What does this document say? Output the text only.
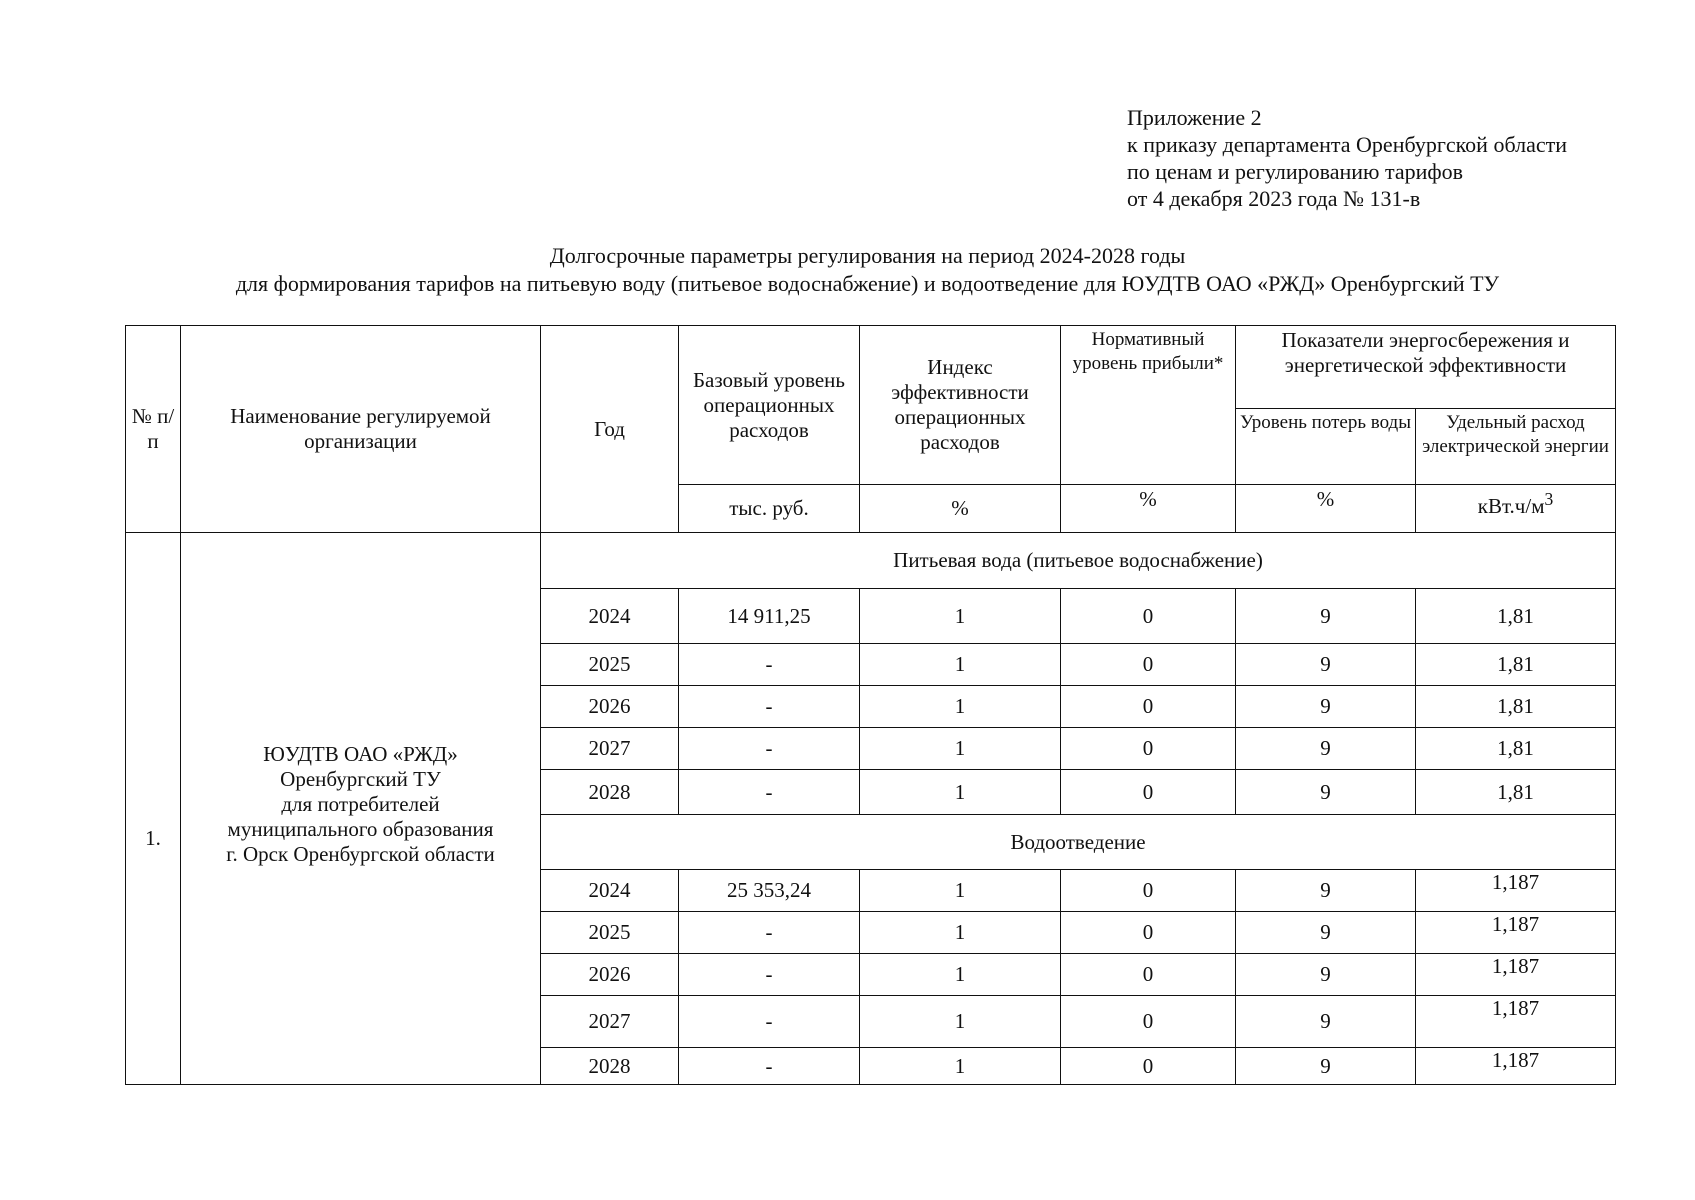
Приложение 2
к приказу департамента Оренбургской области
по ценам и регулированию тарифов
от 4 декабря 2023 года № 131-в
Долгосрочные параметры регулирования на период 2024-2028 годы
для формирования тарифов на питьевую воду (питьевое водоснабжение) и водоотведение для ЮУДТВ ОАО «РЖД» Оренбургский ТУ
№ п/п	Наименование регулируемой организации	Год	Базовый уровень операционных расходов	Индекс эффективности операционных расходов	Нормативный уровень прибыли*	Показатели энергосбережения и энергетической эффективности	
						Уровень потерь воды	Удельный расход электрической энергии
			тыс. руб.	%	%	%	$кВт.ч/м^3$
1.	ЮУДТВ ОАО «РЖД»
Оренбургский ТУ
для потребителей
муниципального образования
г. Орск Оренбургской области	Питьевая вода (питьевое водоснабжение)					
		2024	14 911,25	1	0	9	1,81
		2025	-	1	0	9	1,81
		2026	-	1	0	9	1,81
		2027	-	1	0	9	1,81
		2028	-	1	0	9	1,81
		Водоотведение					
		2024	25 353,24	1	0	9	1,187
		2025	-	1	0	9	1,187
		2026	-	1	0	9	1,187
		2027	-	1	0	9	1,187
		2028	-	1	0	9	1,187
